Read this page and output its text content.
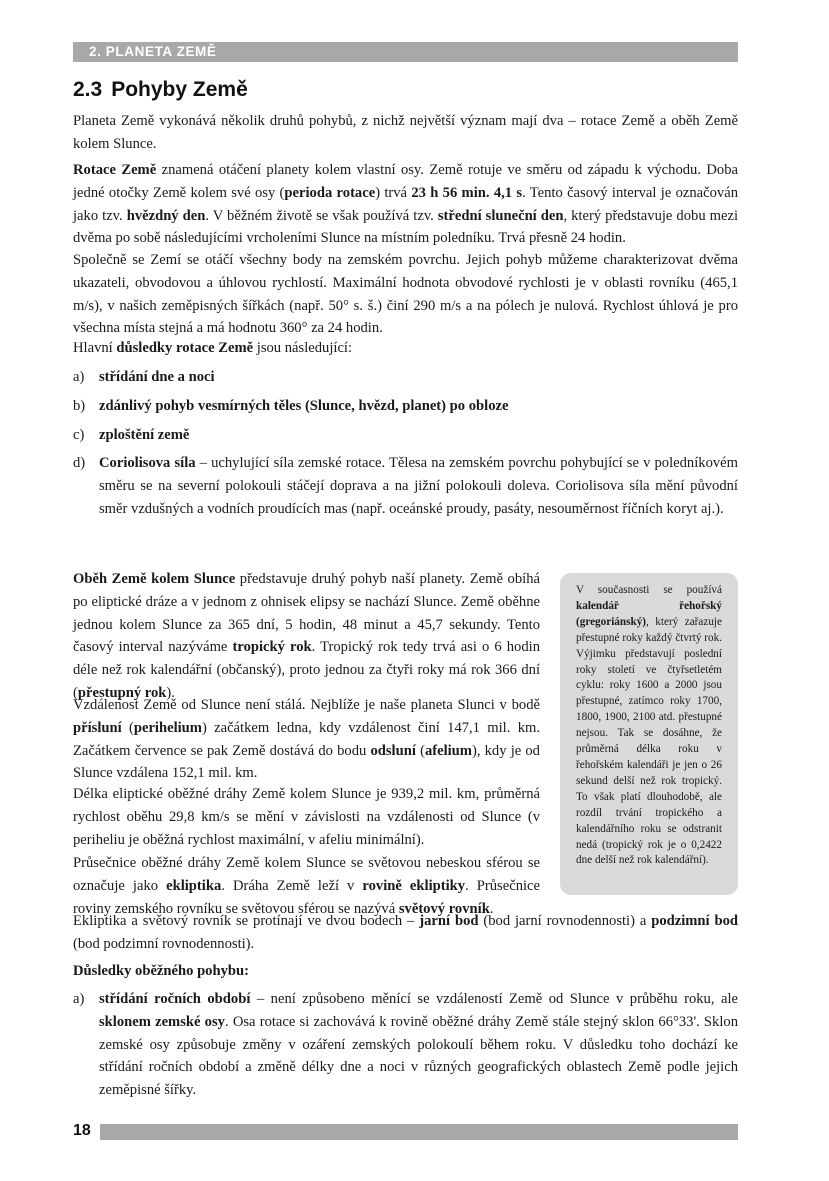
2. PLANETA ZEMĚ
2.3 Pohyby Země

Planeta Země vykonává několik druhů pohybů, z nichž největší význam mají dva – rotace Země a oběh Země kolem Slunce.

Rotace Země znamená otáčení planety kolem vlastní osy. Země rotuje ve směru od západu k východu. Doba jedné otočky Země kolem své osy (perioda rotace) trvá 23 h 56 min. 4,1 s. Tento časový interval je označován jako tzv. hvězdný den. V běžném životě se však používá tzv. střední sluneční den, který představuje dobu mezi dvěma po sobě následujícími vrcholeními Slunce na místním poledníku. Trvá přesně 24 hodin.

Společně se Zemí se otáčí všechny body na zemském povrchu. Jejich pohyb můžeme charakterizovat dvěma ukazateli, obvodovou a úhlovou rychlostí. Maximální hodnota obvodové rychlosti je v oblasti rovníku (465,1 m/s), v našich zeměpisných šířkách (např. 50° s. š.) činí 290 m/s a na pólech je nulová. Rychlost úhlová je pro všechna místa stejná a má hodnotu 360° za 24 hodin.

Hlavní důsledky rotace Země jsou následující:

a) střídání dne a noci
b) zdánlivý pohyb vesmírných těles (Slunce, hvězd, planet) po obloze
c) zploštění země
d) Coriolisova síla – uchylující síla zemské rotace. Tělesa na zemském povrchu pohybující se v poledníkovém směru se na severní polokouli stáčejí doprava a na jižní polokouli doleva. Coriolisova síla mění původní směr vzdušných a vodních proudících mas (např. oceánské proudy, pasáty, nesouměrnost říčních koryt aj.).

Oběh Země kolem Slunce představuje druhý pohyb naší planety. Země obíhá po eliptické dráze a v jednom z ohnisek elipsy se nachází Slunce. Země oběhne jednou kolem Slunce za 365 dní, 5 hodin, 48 minut a 45,7 sekundy. Tento časový interval nazýváme tropický rok. Tropický rok tedy trvá asi o 6 hodin déle než rok kalendářní (občanský), proto jednou za čtyři roky má rok 366 dní (přestupný rok).

Vzdálenost Země od Slunce není stálá. Nejblíže je naše planeta Slunci v bodě přísluní (perihelium) začátkem ledna, kdy vzdálenost činí 147,1 mil. km. Začátkem července se pak Země dostává do bodu odsluní (afelium), kdy je od Slunce vzdálena 152,1 mil. km.

Délka eliptické oběžné dráhy Země kolem Slunce je 939,2 mil. km, průměrná rychlost oběhu 29,8 km/s se mění v závislosti na vzdálenosti od Slunce (v periheliu je oběžná rychlost maximální, v afeliu minimální).

Průsečnice oběžné dráhy Země kolem Slunce se světovou nebeskou sférou se označuje jako ekliptika. Dráha Země leží v rovině ekliptiky. Průsečnice roviny zemského rovníku se světovou sférou se nazývá světový rovník.

Ekliptika a světový rovník se protínají ve dvou bodech – jarní bod (bod jarní rovnodennosti) a podzimní bod (bod podzimní rovnodennosti).

Důsledky oběžného pohybu:

a) střídání ročních období – není způsobeno měnící se vzdáleností Země od Slunce v průběhu roku, ale sklonem zemské osy. Osa rotace si zachovává k rovině oběžné dráhy Země stále stejný sklon 66°33'. Sklon zemské osy způsobuje změny v ozáření zemských polokoulí během roku. V důsledku toho dochází ke střídání ročních období a změně délky dne a noci v různých geografických oblastech Země podle jejich zeměpisné šířky.

V současnosti se používá kalendář řehořský (gregoriánský), který zařazuje přestupné roky každý čtvrtý rok. Výjimku představují poslední roky století ve čtyřsetletém cyklu: roky 1600 a 2000 jsou přestupné, zatímco roky 1700, 1800, 1900, 2100 atd. přestupné nejsou. Tak se dosáhne, že průměrná délka roku v řehořském kalendáři je jen o 26 sekund delší než rok tropický. To však platí dlouhodobě, ale rozdíl trvání tropického a kalendářního roku se odstranit nedá (tropický rok je o 0,2422 dne delší než rok kalendářní).

18
